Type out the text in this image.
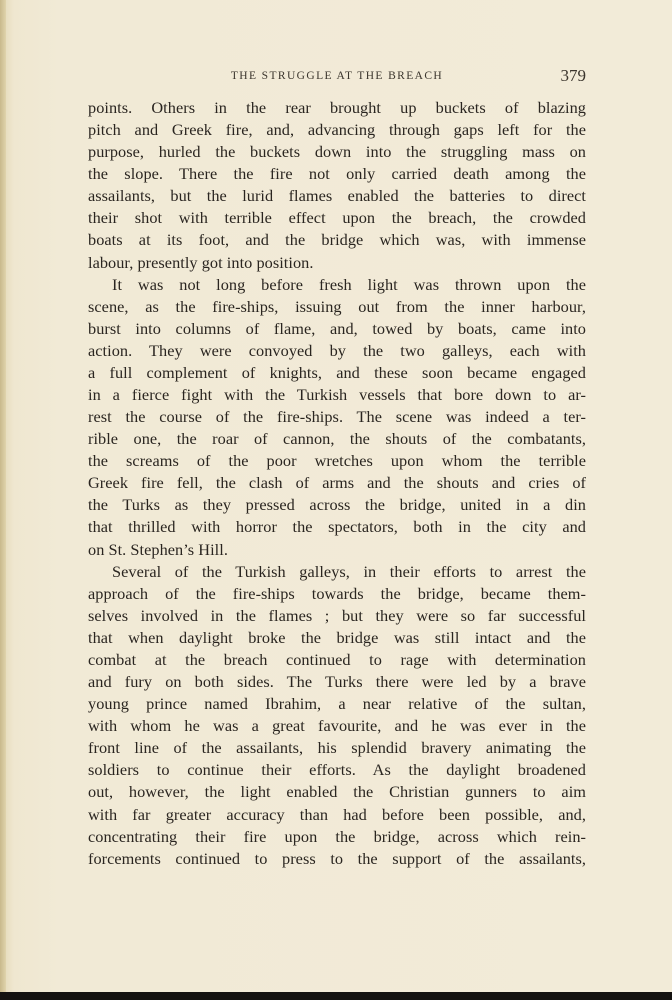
THE STRUGGLE AT THE BREACH	379
points. Others in the rear brought up buckets of blazing
pitch and Greek fire, and, advancing through gaps left for the
purpose, hurled the buckets down into the struggling mass on
the slope. There the fire not only carried death among the
assailants, but the lurid flames enabled the batteries to direct
their shot with terrible effect upon the breach, the crowded
boats at its foot, and the bridge which was, with immense
labour, presently got into position.
It was not long before fresh light was thrown upon the
scene, as the fire-ships, issuing out from the inner harbour,
burst into columns of flame, and, towed by boats, came into
action. They were convoyed by the two galleys, each with
a full complement of knights, and these soon became engaged
in a fierce fight with the Turkish vessels that bore down to ar-
rest the course of the fire-ships. The scene was indeed a ter-
rible one, the roar of cannon, the shouts of the combatants,
the screams of the poor wretches upon whom the terrible
Greek fire fell, the clash of arms and the shouts and cries of
the Turks as they pressed across the bridge, united in a din
that thrilled with horror the spectators, both in the city and
on St. Stephen’s Hill.
Several of the Turkish galleys, in their efforts to arrest the
approach of the fire-ships towards the bridge, became them-
selves involved in the flames ; but they were so far successful
that when daylight broke the bridge was still intact and the
combat at the breach continued to rage with determination
and fury on both sides. The Turks there were led by a brave
young prince named Ibrahim, a near relative of the sultan,
with whom he was a great favourite, and he was ever in the
front line of the assailants, his splendid bravery animating the
soldiers to continue their efforts. As the daylight broadened
out, however, the light enabled the Christian gunners to aim
with far greater accuracy than had before been possible, and,
concentrating their fire upon the bridge, across which rein-
forcements continued to press to the support of the assailants,
